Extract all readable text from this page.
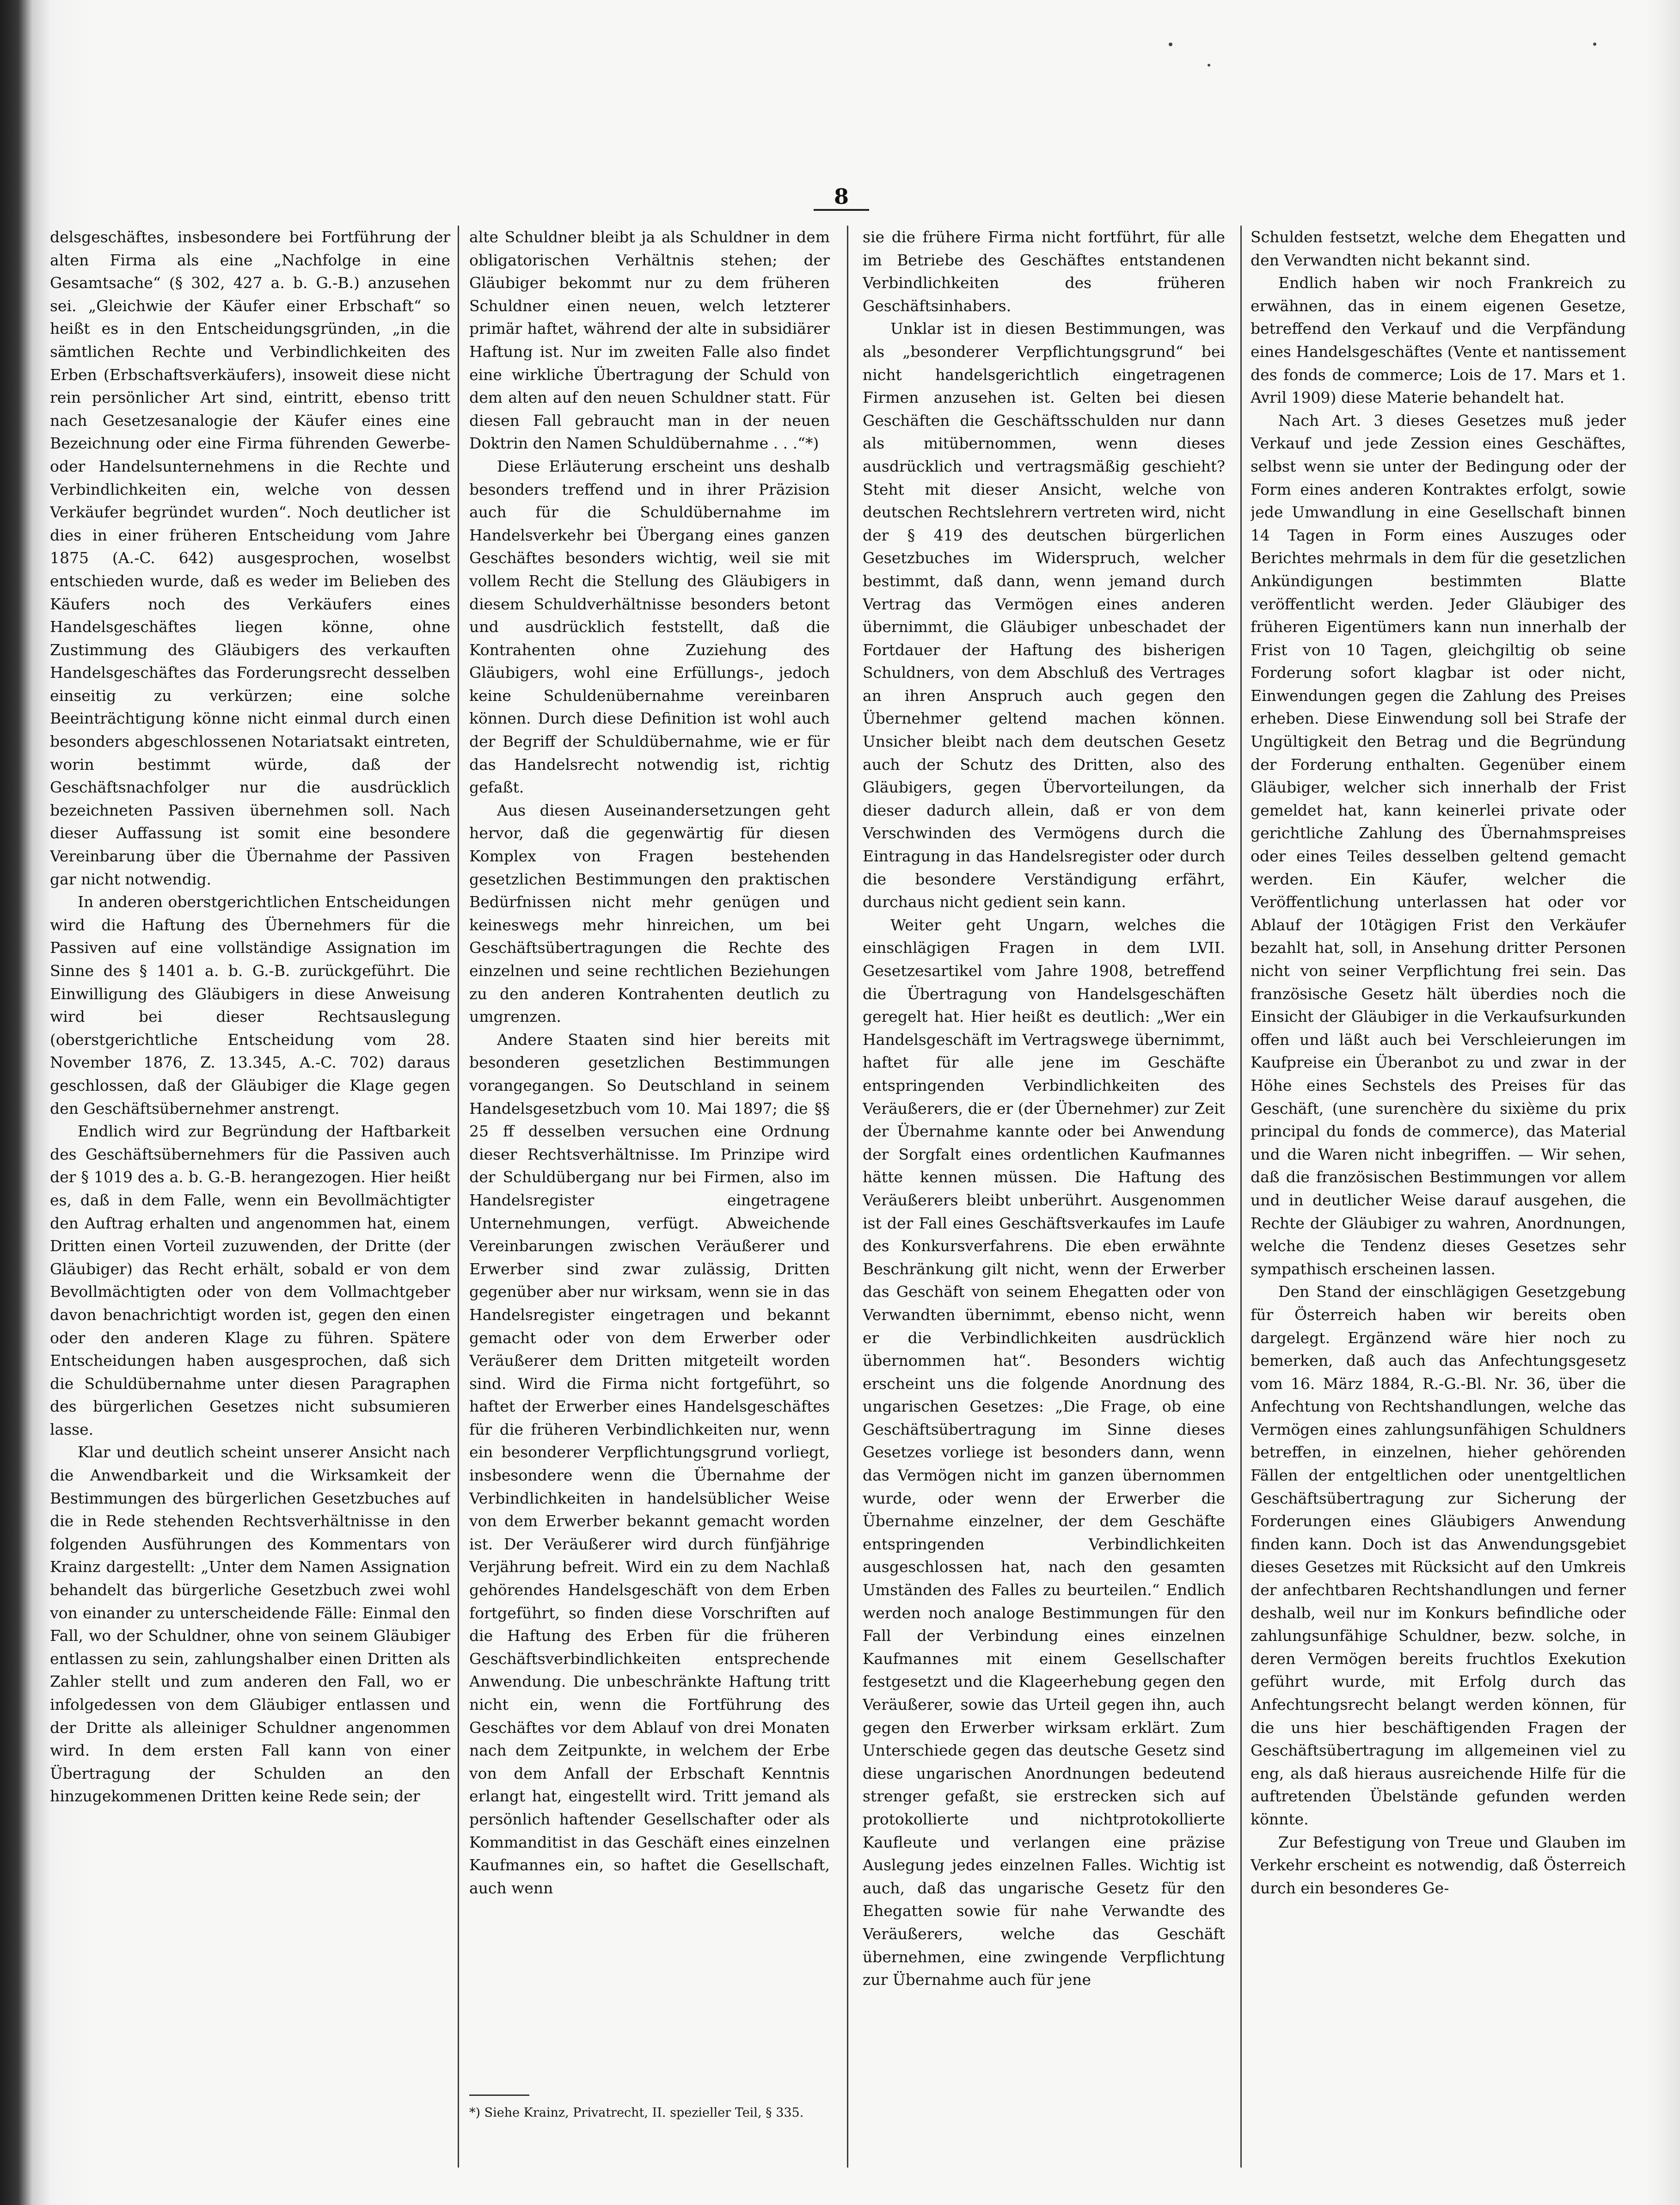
8

delsgeschäftes, insbesondere bei Fortführung der alten Firma als eine „Nachfolge in eine Gesamtsache“ (§ 302, 427 a. b. G.-B.) anzusehen sei. „Gleichwie der Käufer einer Erbschaft“ so heißt es in den Entscheidungsgründen, „in die sämtlichen Rechte und Verbindlichkeiten des Erben (Erbschaftsverkäufers), insoweit diese nicht rein persönlicher Art sind, eintritt, ebenso tritt nach Gesetzesanalogie der Käufer eines eine Bezeichnung oder eine Firma führenden Gewerbe- oder Handelsunternehmens in die Rechte und Verbindlichkeiten ein, welche von dessen Verkäufer begründet wurden“. Noch deutlicher ist dies in einer früheren Entscheidung vom Jahre 1875 (A.-C. 642) ausgesprochen, woselbst entschieden wurde, daß es weder im Belieben des Käufers noch des Verkäufers eines Handelsgeschäftes liegen könne, ohne Zustimmung des Gläubigers des verkauften Handelsgeschäftes das Forderungsrecht desselben einseitig zu verkürzen; eine solche Beeinträchtigung könne nicht einmal durch einen besonders abgeschlossenen Notariatsakt eintreten, worin bestimmt würde, daß der Geschäftsnachfolger nur die ausdrücklich bezeichneten Passiven übernehmen soll. Nach dieser Auffassung ist somit eine besondere Vereinbarung über die Übernahme der Passiven gar nicht notwendig.

In anderen oberstgerichtlichen Entscheidungen wird die Haftung des Übernehmers für die Passiven auf eine vollständige Assignation im Sinne des § 1401 a. b. G.-B. zurückgeführt. Die Einwilligung des Gläubigers in diese Anweisung wird bei dieser Rechtsauslegung (oberstgerichtliche Entscheidung vom 28. November 1876, Z. 13.345, A.-C. 702) daraus geschlossen, daß der Gläubiger die Klage gegen den Geschäftsübernehmer anstrengt.

Endlich wird zur Begründung der Haftbarkeit des Geschäftsübernehmers für die Passiven auch der § 1019 des a. b. G.-B. herangezogen. Hier heißt es, daß in dem Falle, wenn ein Bevollmächtigter den Auftrag erhalten und angenommen hat, einem Dritten einen Vorteil zuzuwenden, der Dritte (der Gläubiger) das Recht erhält, sobald er von dem Bevollmächtigten oder von dem Vollmachtgeber davon benachrichtigt worden ist, gegen den einen oder den anderen Klage zu führen. Spätere Entscheidungen haben ausgesprochen, daß sich die Schuldübernahme unter diesen Paragraphen des bürgerlichen Gesetzes nicht subsumieren lasse.

Klar und deutlich scheint unserer Ansicht nach die Anwendbarkeit und die Wirksamkeit der Bestimmungen des bürgerlichen Gesetzbuches auf die in Rede stehenden Rechtsverhältnisse in den folgenden Ausführungen des Kommentars von Krainz dargestellt: „Unter dem Namen Assignation behandelt das bürgerliche Gesetzbuch zwei wohl von einander zu unterscheidende Fälle: Einmal den Fall, wo der Schuldner, ohne von seinem Gläubiger entlassen zu sein, zahlungshalber einen Dritten als Zahler stellt und zum anderen den Fall, wo er infolgedessen von dem Gläubiger entlassen und der Dritte als alleiniger Schuldner angenommen wird. In dem ersten Fall kann von einer Übertragung der Schulden an den hinzugekommenen Dritten keine Rede sein; der

alte Schuldner bleibt ja als Schuldner in dem obligatorischen Verhältnis stehen; der Gläubiger bekommt nur zu dem früheren Schuldner einen neuen, welch letzterer primär haftet, während der alte in subsidiärer Haftung ist. Nur im zweiten Falle also findet eine wirkliche Übertragung der Schuld von dem alten auf den neuen Schuldner statt. Für diesen Fall gebraucht man in der neuen Doktrin den Namen Schuldübernahme . . .“*)

Diese Erläuterung erscheint uns deshalb besonders treffend und in ihrer Präzision auch für die Schuldübernahme im Handelsverkehr bei Übergang eines ganzen Geschäftes besonders wichtig, weil sie mit vollem Recht die Stellung des Gläubigers in diesem Schuldverhältnisse besonders betont und ausdrücklich feststellt, daß die Kontrahenten ohne Zuziehung des Gläubigers, wohl eine Erfüllungs-, jedoch keine Schuldenübernahme vereinbaren können. Durch diese Definition ist wohl auch der Begriff der Schuldübernahme, wie er für das Handelsrecht notwendig ist, richtig gefaßt.

Aus diesen Auseinandersetzungen geht hervor, daß die gegenwärtig für diesen Komplex von Fragen bestehenden gesetzlichen Bestimmungen den praktischen Bedürfnissen nicht mehr genügen und keineswegs mehr hinreichen, um bei Geschäftsübertragungen die Rechte des einzelnen und seine rechtlichen Beziehungen zu den anderen Kontrahenten deutlich zu umgrenzen.

Andere Staaten sind hier bereits mit besonderen gesetzlichen Bestimmungen vorangegangen. So Deutschland in seinem Handelsgesetzbuch vom 10. Mai 1897; die §§ 25 ff desselben versuchen eine Ordnung dieser Rechtsverhältnisse. Im Prinzipe wird der Schuldübergang nur bei Firmen, also im Handelsregister eingetragene Unternehmungen, verfügt. Abweichende Vereinbarungen zwischen Veräußerer und Erwerber sind zwar zulässig, Dritten gegenüber aber nur wirksam, wenn sie in das Handelsregister eingetragen und bekannt gemacht oder von dem Erwerber oder Veräußerer dem Dritten mitgeteilt worden sind. Wird die Firma nicht fortgeführt, so haftet der Erwerber eines Handelsgeschäftes für die früheren Verbindlichkeiten nur, wenn ein besonderer Verpflichtungsgrund vorliegt, insbesondere wenn die Übernahme der Verbindlichkeiten in handelsüblicher Weise von dem Erwerber bekannt gemacht worden ist. Der Veräußerer wird durch fünfjährige Verjährung befreit. Wird ein zu dem Nachlaß gehörendes Handelsgeschäft von dem Erben fortgeführt, so finden diese Vorschriften auf die Haftung des Erben für die früheren Geschäftsverbindlichkeiten entsprechende Anwendung. Die unbeschränkte Haftung tritt nicht ein, wenn die Fortführung des Geschäftes vor dem Ablauf von drei Monaten nach dem Zeitpunkte, in welchem der Erbe von dem Anfall der Erbschaft Kenntnis erlangt hat, eingestellt wird. Tritt jemand als persönlich haftender Gesellschafter oder als Kommanditist in das Geschäft eines einzelnen Kaufmannes ein, so haftet die Gesellschaft, auch wenn

*) Siehe Krainz, Privatrecht, II. spezieller Teil, § 335.

sie die frühere Firma nicht fortführt, für alle im Betriebe des Geschäftes entstandenen Verbindlichkeiten des früheren Geschäftsinhabers.

Unklar ist in diesen Bestimmungen, was als „besonderer Verpflichtungsgrund“ bei nicht handelsgerichtlich eingetragenen Firmen anzusehen ist. Gelten bei diesen Geschäften die Geschäftsschulden nur dann als mitübernommen, wenn dieses ausdrücklich und vertragsmäßig geschieht? Steht mit dieser Ansicht, welche von deutschen Rechtslehrern vertreten wird, nicht der § 419 des deutschen bürgerlichen Gesetzbuches im Widerspruch, welcher bestimmt, daß dann, wenn jemand durch Vertrag das Vermögen eines anderen übernimmt, die Gläubiger unbeschadet der Fortdauer der Haftung des bisherigen Schuldners, von dem Abschluß des Vertrages an ihren Anspruch auch gegen den Übernehmer geltend machen können. Unsicher bleibt nach dem deutschen Gesetz auch der Schutz des Dritten, also des Gläubigers, gegen Übervorteilungen, da dieser dadurch allein, daß er von dem Verschwinden des Vermögens durch die Eintragung in das Handelsregister oder durch die besondere Verständigung erfährt, durchaus nicht gedient sein kann.

Weiter geht Ungarn, welches die einschlägigen Fragen in dem LVII. Gesetzesartikel vom Jahre 1908, betreffend die Übertragung von Handelsgeschäften geregelt hat. Hier heißt es deutlich: „Wer ein Handelsgeschäft im Vertragswege übernimmt, haftet für alle jene im Geschäfte entspringenden Verbindlichkeiten des Veräußerers, die er (der Übernehmer) zur Zeit der Übernahme kannte oder bei Anwendung der Sorgfalt eines ordentlichen Kaufmannes hätte kennen müssen. Die Haftung des Veräußerers bleibt unberührt. Ausgenommen ist der Fall eines Geschäftsverkaufes im Laufe des Konkursverfahrens. Die eben erwähnte Beschränkung gilt nicht, wenn der Erwerber das Geschäft von seinem Ehegatten oder von Verwandten übernimmt, ebenso nicht, wenn er die Verbindlichkeiten ausdrücklich übernommen hat“. Besonders wichtig erscheint uns die folgende Anordnung des ungarischen Gesetzes: „Die Frage, ob eine Geschäftsübertragung im Sinne dieses Gesetzes vorliege ist besonders dann, wenn das Vermögen nicht im ganzen übernommen wurde, oder wenn der Erwerber die Übernahme einzelner, der dem Geschäfte entspringenden Verbindlichkeiten ausgeschlossen hat, nach den gesamten Umständen des Falles zu beurteilen.“ Endlich werden noch analoge Bestimmungen für den Fall der Verbindung eines einzelnen Kaufmannes mit einem Gesellschafter festgesetzt und die Klageerhebung gegen den Veräußerer, sowie das Urteil gegen ihn, auch gegen den Erwerber wirksam erklärt. Zum Unterschiede gegen das deutsche Gesetz sind diese ungarischen Anordnungen bedeutend strenger gefaßt, sie erstrecken sich auf protokollierte und nichtprotokollierte Kaufleute und verlangen eine präzise Auslegung jedes einzelnen Falles. Wichtig ist auch, daß das ungarische Gesetz für den Ehegatten sowie für nahe Verwandte des Veräußerers, welche das Geschäft übernehmen, eine zwingende Verpflichtung zur Übernahme auch für jene

Schulden festsetzt, welche dem Ehegatten und den Verwandten nicht bekannt sind.

Endlich haben wir noch Frankreich zu erwähnen, das in einem eigenen Gesetze, betreffend den Verkauf und die Verpfändung eines Handelsgeschäftes (Vente et nantissement des fonds de commerce; Lois de 17. Mars et 1. Avril 1909) diese Materie behandelt hat.

Nach Art. 3 dieses Gesetzes muß jeder Verkauf und jede Zession eines Geschäftes, selbst wenn sie unter der Bedingung oder der Form eines anderen Kontraktes erfolgt, sowie jede Umwandlung in eine Gesellschaft binnen 14 Tagen in Form eines Auszuges oder Berichtes mehrmals in dem für die gesetzlichen Ankündigungen bestimmten Blatte veröffentlicht werden. Jeder Gläubiger des früheren Eigentümers kann nun innerhalb der Frist von 10 Tagen, gleichgiltig ob seine Forderung sofort klagbar ist oder nicht, Einwendungen gegen die Zahlung des Preises erheben. Diese Einwendung soll bei Strafe der Ungültigkeit den Betrag und die Begründung der Forderung enthalten. Gegenüber einem Gläubiger, welcher sich innerhalb der Frist gemeldet hat, kann keinerlei private oder gerichtliche Zahlung des Übernahmspreises oder eines Teiles desselben geltend gemacht werden. Ein Käufer, welcher die Veröffentlichung unterlassen hat oder vor Ablauf der 10tägigen Frist den Verkäufer bezahlt hat, soll, in Ansehung dritter Personen nicht von seiner Verpflichtung frei sein. Das französische Gesetz hält überdies noch die Einsicht der Gläubiger in die Verkaufsurkunden offen und läßt auch bei Verschleierungen im Kaufpreise ein Überanbot zu und zwar in der Höhe eines Sechstels des Preises für das Geschäft, (une surenchère du sixième du prix principal du fonds de commerce), das Material und die Waren nicht inbegriffen. — Wir sehen, daß die französischen Bestimmungen vor allem und in deutlicher Weise darauf ausgehen, die Rechte der Gläubiger zu wahren, Anordnungen, welche die Tendenz dieses Gesetzes sehr sympathisch erscheinen lassen.

Den Stand der einschlägigen Gesetzgebung für Österreich haben wir bereits oben dargelegt. Ergänzend wäre hier noch zu bemerken, daß auch das Anfechtungsgesetz vom 16. März 1884, R.-G.-Bl. Nr. 36, über die Anfechtung von Rechtshandlungen, welche das Vermögen eines zahlungsunfähigen Schuldners betreffen, in einzelnen, hieher gehörenden Fällen der entgeltlichen oder unentgeltlichen Geschäftsübertragung zur Sicherung der Forderungen eines Gläubigers Anwendung finden kann. Doch ist das Anwendungsgebiet dieses Gesetzes mit Rücksicht auf den Umkreis der anfechtbaren Rechtshandlungen und ferner deshalb, weil nur im Konkurs befindliche oder zahlungsunfähige Schuldner, bezw. solche, in deren Vermögen bereits fruchtlos Exekution geführt wurde, mit Erfolg durch das Anfechtungsrecht belangt werden können, für die uns hier beschäftigenden Fragen der Geschäftsübertragung im allgemeinen viel zu eng, als daß hieraus ausreichende Hilfe für die auftretenden Übelstände gefunden werden könnte.

Zur Befestigung von Treue und Glauben im Verkehr erscheint es notwendig, daß Österreich durch ein besonderes Ge-
